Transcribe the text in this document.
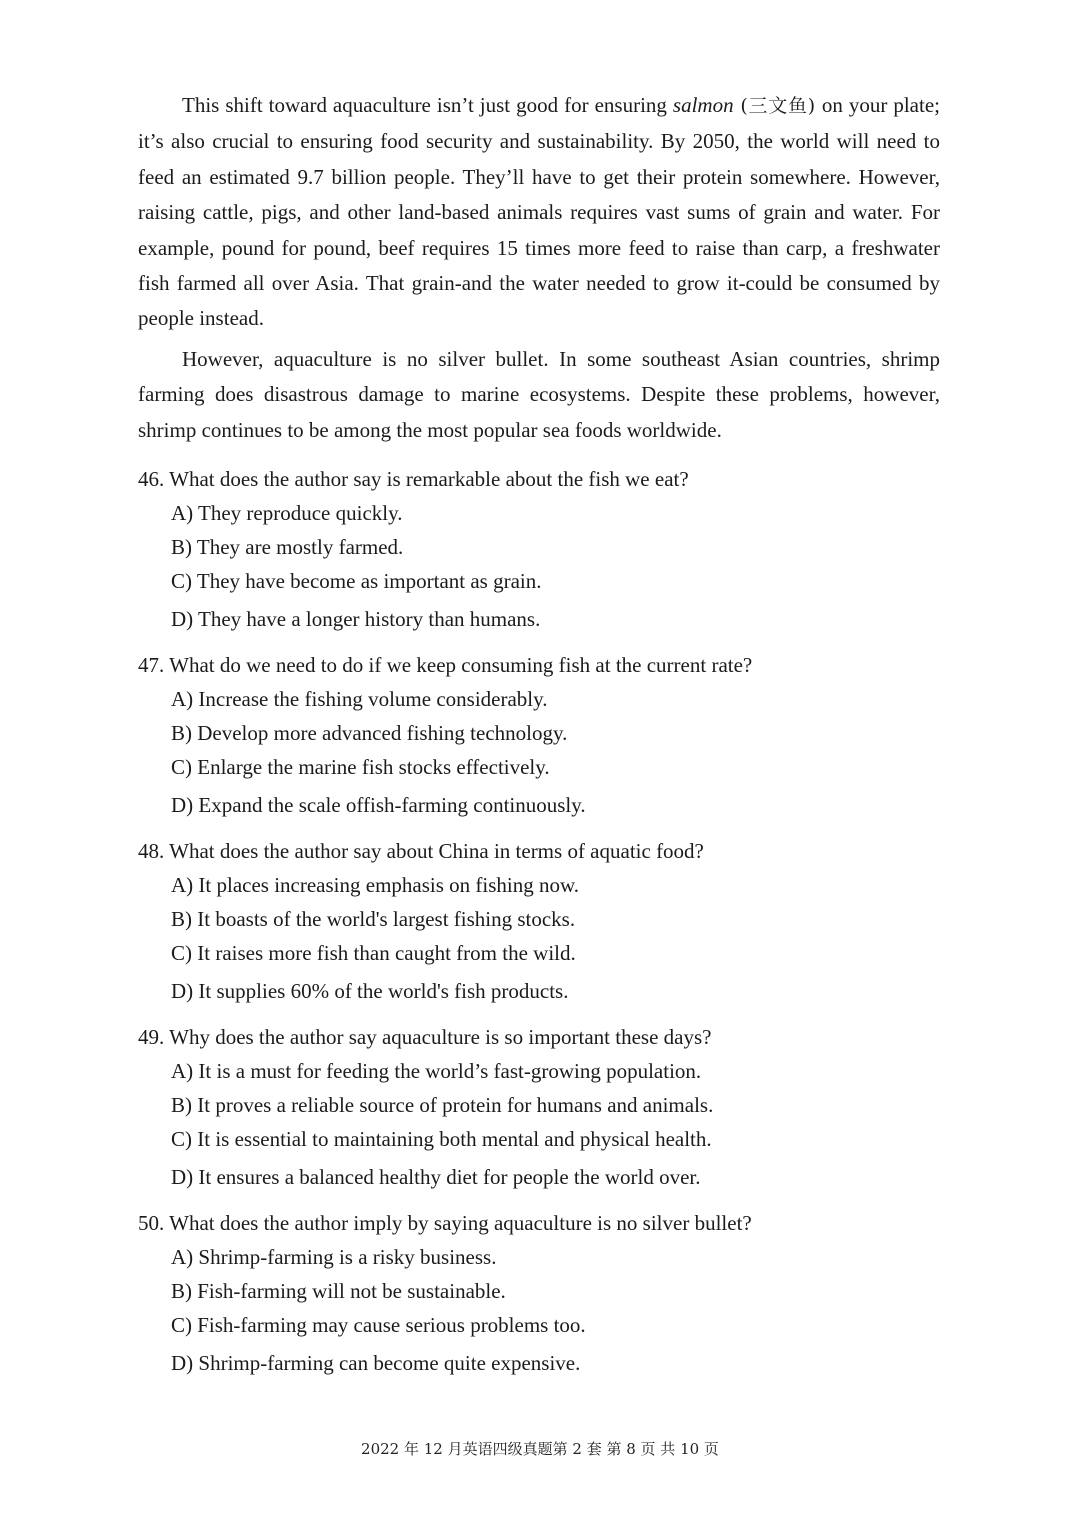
This shift toward aquaculture isn’t just good for ensuring salmon (三文鱼) on your plate; it’s also crucial to ensuring food security and sustainability. By 2050, the world will need to feed an estimated 9.7 billion people. They’ll have to get their protein somewhere. However, raising cattle, pigs, and other land-based animals requires vast sums of grain and water. For example, pound for pound, beef requires 15 times more feed to raise than carp, a freshwater fish farmed all over Asia. That grain-and the water needed to grow it-could be consumed by people instead.

However, aquaculture is no silver bullet. In some southeast Asian countries, shrimp farming does disastrous damage to marine ecosystems. Despite these problems, however, shrimp continues to be among the most popular sea foods worldwide.

46. What does the author say is remarkable about the fish we eat?

A) They reproduce quickly.
B) They are mostly farmed.
C) They have become as important as grain.
D) They have a longer history than humans.

47. What do we need to do if we keep consuming fish at the current rate?

A) Increase the fishing volume considerably.
B) Develop more advanced fishing technology.
C) Enlarge the marine fish stocks effectively.
D) Expand the scale offish-farming continuously.

48. What does the author say about China in terms of aquatic food?

A) It places increasing emphasis on fishing now.
B) It boasts of the world's largest fishing stocks.
C) It raises more fish than caught from the wild.
D) It supplies 60% of the world's fish products.

49. Why does the author say aquaculture is so important these days?

A) It is a must for feeding the world’s fast-growing population.
B) It proves a reliable source of protein for humans and animals.
C) It is essential to maintaining both mental and physical health.
D) It ensures a balanced healthy diet for people the world over.

50. What does the author imply by saying aquaculture is no silver bullet?

A) Shrimp-farming is a risky business.
B) Fish-farming will not be sustainable.
C) Fish-farming may cause serious problems too.
D) Shrimp-farming can become quite expensive.
2022 年 12 月英语四级真题第 2 套 第 8 页 共 10 页
